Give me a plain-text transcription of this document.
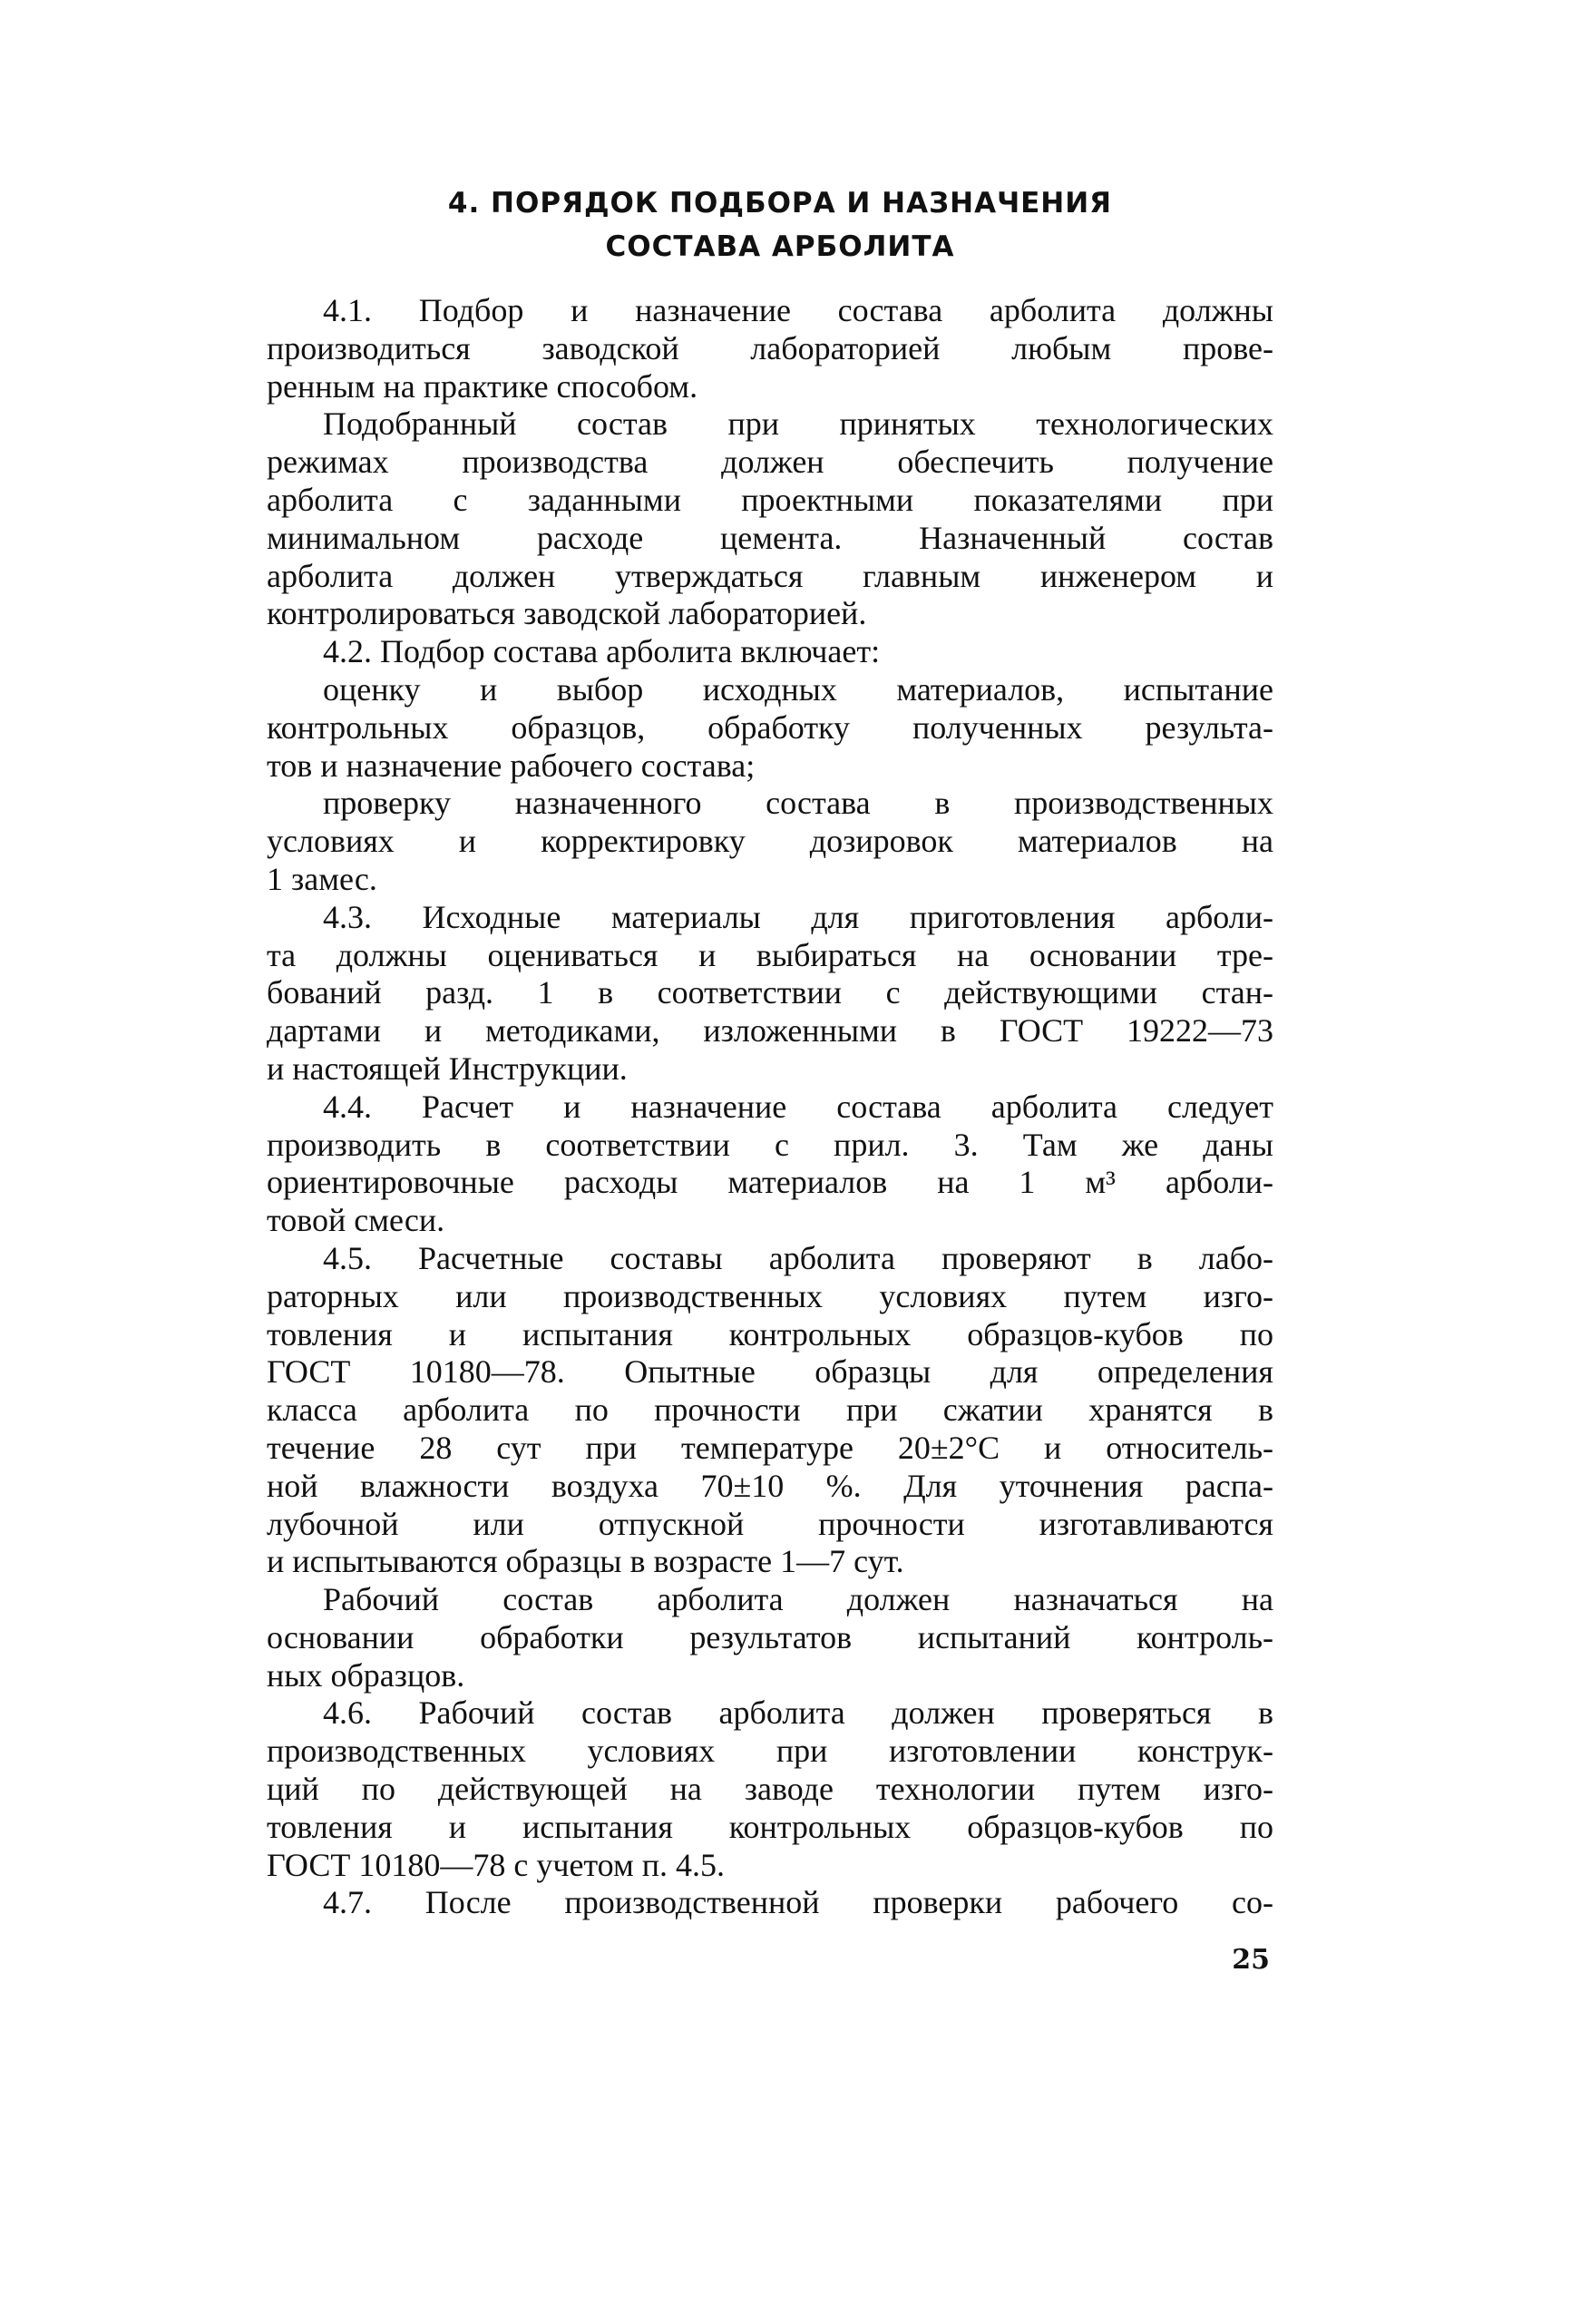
4. ПОРЯДОК ПОДБОРА И НАЗНАЧЕНИЯ
СОСТАВА АРБОЛИТА

4.1. Подбор и назначение состава арболита должны
производиться заводской лабораторией любым прове-
ренным на практике способом.

Подобранный состав при принятых технологических
режимах производства должен обеспечить получение
арболита с заданными проектными показателями при
минимальном расходе цемента. Назначенный состав
арболита должен утверждаться главным инженером и
контролироваться заводской лабораторией.

4.2. Подбор состава арболита включает:

оценку и выбор исходных материалов, испытание
контрольных образцов, обработку полученных результа-
тов и назначение рабочего состава;

проверку назначенного состава в производственных
условиях и корректировку дозировок материалов на
1 замес.

4.3. Исходные материалы для приготовления арболи-
та должны оцениваться и выбираться на основании тре-
бований разд. 1 в соответствии с действующими стан-
дартами и методиками, изложенными в ГОСТ 19222—73
и настоящей Инструкции.

4.4. Расчет и назначение состава арболита следует
производить в соответствии с прил. 3. Там же даны
ориентировочные расходы материалов на 1 м³ арболи-
товой смеси.

4.5. Расчетные составы арболита проверяют в лабо-
раторных или производственных условиях путем изго-
товления и испытания контрольных образцов-кубов по
ГОСТ 10180—78. Опытные образцы для определения
класса арболита по прочности при сжатии хранятся в
течение 28 сут при температуре 20±2°С и относитель-
ной влажности воздуха 70±10 %. Для уточнения распа-
лубочной или отпускной прочности изготавливаются
и испытываются образцы в возрасте 1—7 сут.

Рабочий состав арболита должен назначаться на
основании обработки результатов испытаний контроль-
ных образцов.

4.6. Рабочий состав арболита должен проверяться в
производственных условиях при изготовлении конструк-
ций по действующей на заводе технологии путем изго-
товления и испытания контрольных образцов-кубов по
ГОСТ 10180—78 с учетом п. 4.5.

4.7. После производственной проверки рабочего со-

25
